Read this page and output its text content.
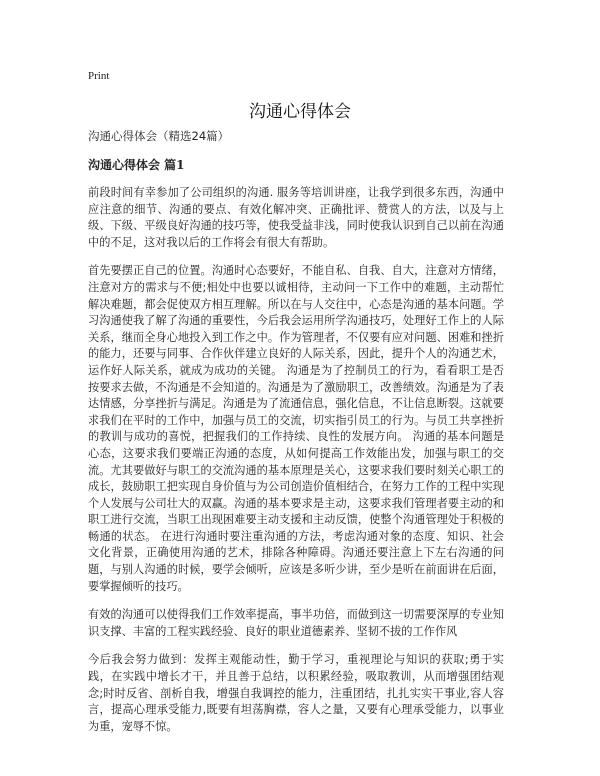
Print
沟通心得体会

沟通心得体会（精选24篇）

沟通心得体会 篇1

前段时间有幸参加了公司组织的沟通. 服务等培训讲座，让我学到很多东西，沟通中应注意的细节、沟通的要点、有效化解冲突、正确批评、赞赏人的方法，以及与上级、下级、平级良好沟通的技巧等，使我受益非浅，同时使我认识到自己以前在沟通中的不足，这对我以后的工作将会有很大有帮助。

首先要摆正自己的位置。沟通时心态要好，不能自私、自我、自大，注意对方情绪，注意对方的需求与不便;相处中也要以诚相待，主动问一下工作中的难题，主动帮忙解决难题，都会促使双方相互理解。所以在与人交往中，心态是沟通的基本问题。学习沟通使我了解了沟通的重要性，今后我会运用所学沟通技巧，处理好工作上的人际关系，继而全身心地投入到工作之中。作为管理者，不仅要有应对问题、困难和挫折的能力，还要与同事、合作伙伴建立良好的人际关系，因此，提升个人的沟通艺术，运作好人际关系，就成为成功的关键。 沟通是为了控制员工的行为，看看职工是否按要求去做，不沟通是不会知道的。沟通是为了激励职工，改善绩效。沟通是为了表达情感，分享挫折与满足。沟通是为了流通信息，强化信息，不让信息断裂。这就要求我们在平时的工作中，加强与员工的交流，切实指引员工的行为。与员工共享挫折的教训与成功的喜悦，把握我们的工作持续、良性的发展方向。 沟通的基本问题是心态，这要求我们要端正沟通的态度，从如何提高工作效能出发，加强与职工的交流。尤其要做好与职工的交流沟通的基本原理是关心，这要求我们要时刻关心职工的成长，鼓励职工把实现自身价值与为公司创造价值相结合，在努力工作的工程中实现个人发展与公司壮大的双赢。沟通的基本要求是主动，这要求我们管理者要主动的和职工进行交流，当职工出现困难要主动支援和主动反馈，使整个沟通管理处于积极的畅通的状态。 在进行沟通时要注重沟通的方法，考虑沟通对象的态度、知识、社会文化背景，正确使用沟通的艺术，排除各种障碍。沟通还要注意上下左右沟通的问题，与别人沟通的时候，要学会倾听，应该是多听少讲，至少是听在前面讲在后面，要掌握倾听的技巧。

有效的沟通可以使得我们工作效率提高，事半功倍，而做到这一切需要深厚的专业知识支撑、丰富的工程实践经验、良好的职业道德素养、坚韧不拔的工作作风

今后我会努力做到：发挥主观能动性，勤于学习，重视理论与知识的获取;勇于实践，在实践中增长才干，并且善于总结，以积累经验，吸取教训，从而增强团结观念;时时反省、剖析自我，增强自我调控的能力，注重团结，扎扎实实干事业,容人容言，提高心理承受能力,既要有坦荡胸襟，容人之量，又要有心理承受能力，以事业为重，宠辱不惊。
